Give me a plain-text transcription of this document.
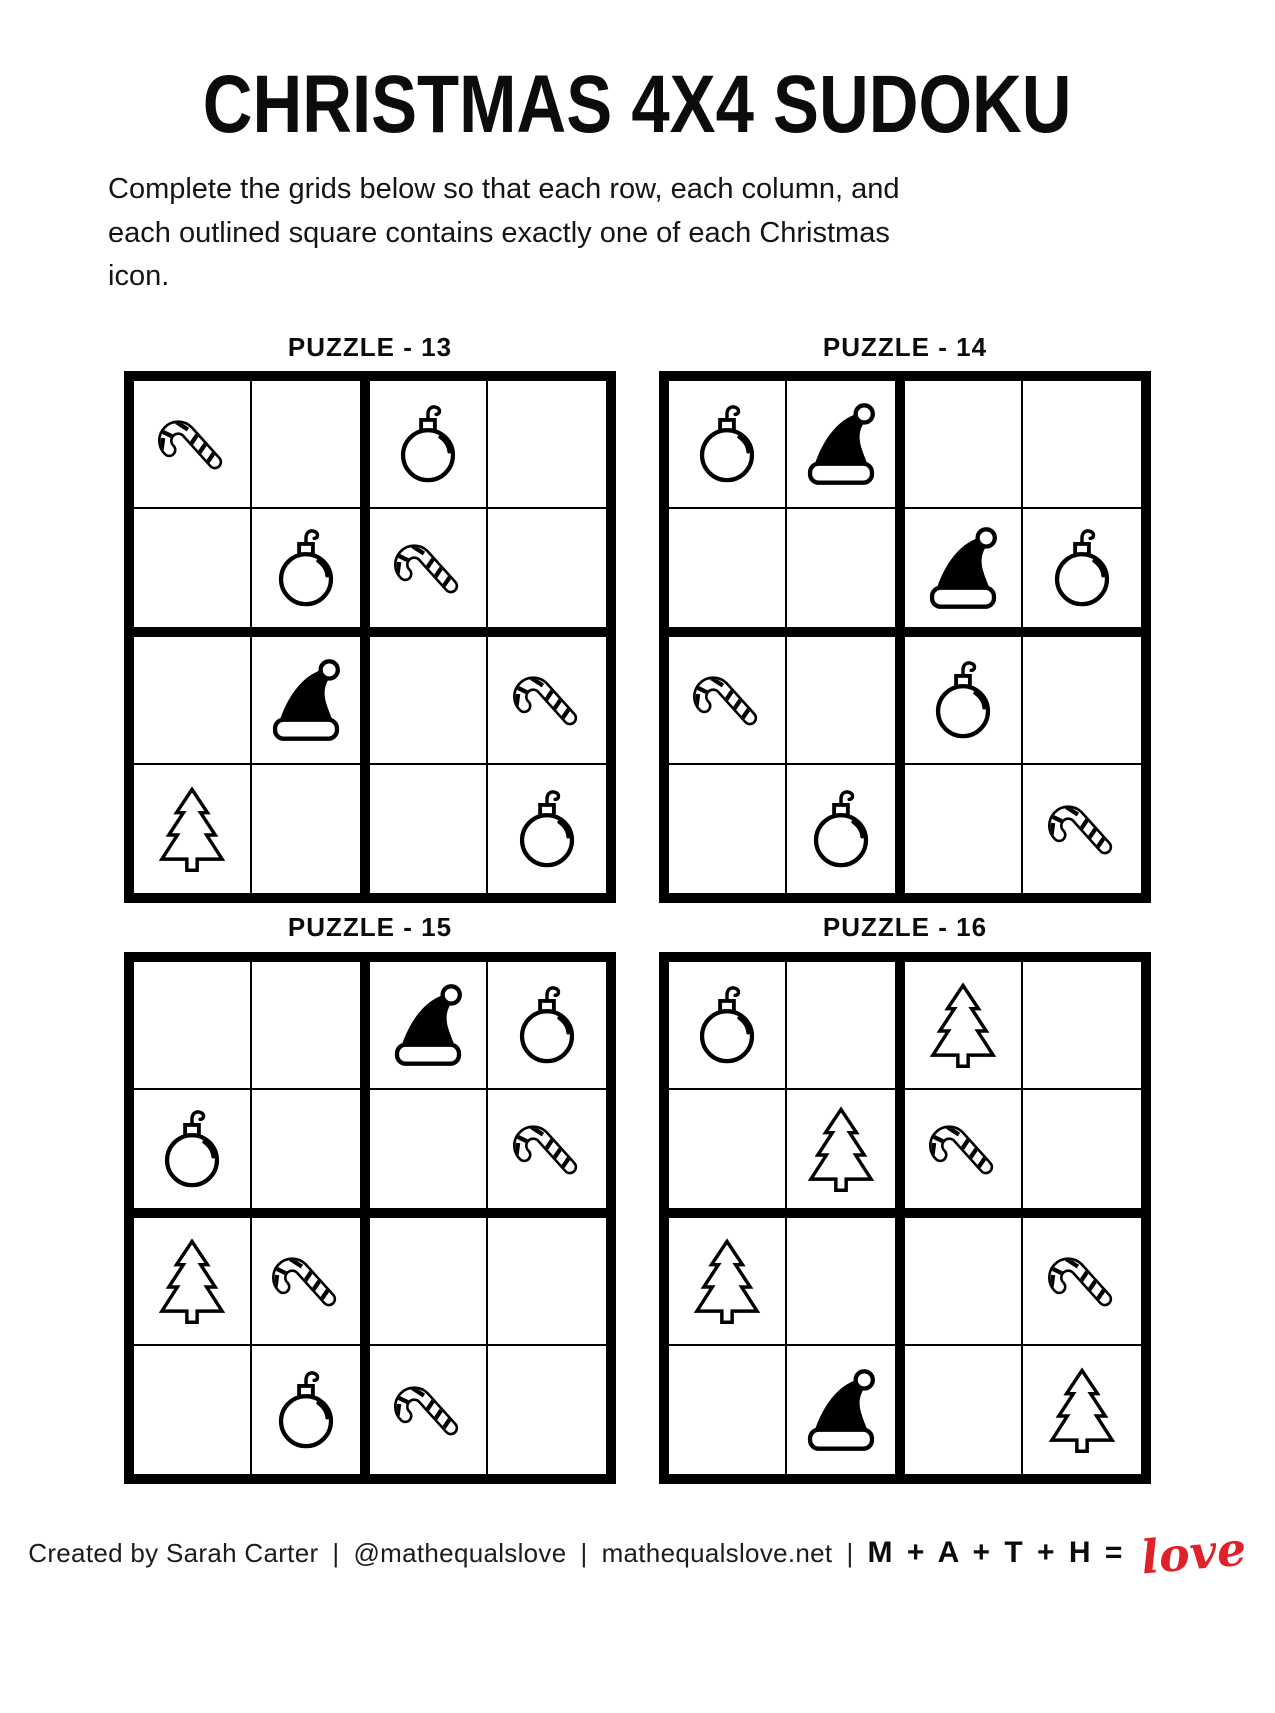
CHRISTMAS 4X4 SUDOKU
Complete the grids below so that each row, each column, and
each outlined square contains exactly one of each Christmas
icon.
PUZZLE - 13	PUZZLE - 14
PUZZLE - 15	PUZZLE - 16
Created by Sarah Carter | @mathequalslove | mathequalslove.net | M + A + T + H = love
